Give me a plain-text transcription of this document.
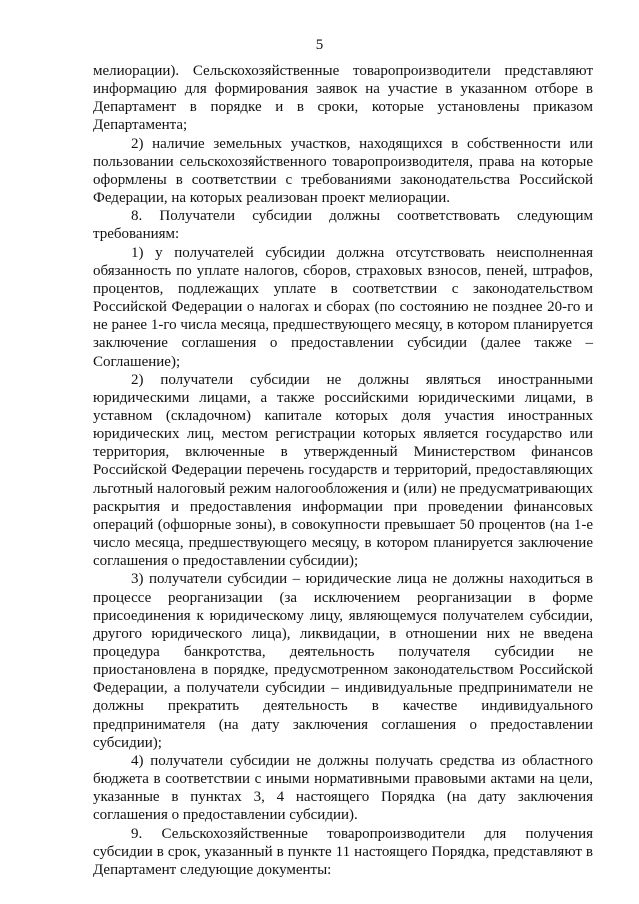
5

мелиорации). Сельскохозяйственные товаропроизводители представляют информацию для формирования заявок на участие в указанном отборе в Департамент в порядке и в сроки, которые установлены приказом Департамента;

2) наличие земельных участков, находящихся в собственности или пользовании сельскохозяйственного товаропроизводителя, права на которые оформлены в соответствии с требованиями законодательства Российской Федерации, на которых реализован проект мелиорации.

8. Получатели субсидии должны соответствовать следующим требованиям:

1) у получателей субсидии должна отсутствовать неисполненная обязанность по уплате налогов, сборов, страховых взносов, пеней, штрафов, процентов, подлежащих уплате в соответствии с законодательством Российской Федерации о налогах и сборах (по состоянию не позднее 20-го и не ранее 1-го числа месяца, предшествующего месяцу, в котором планируется заключение соглашения о предоставлении субсидии (далее также – Соглашение);

2) получатели субсидии не должны являться иностранными юридическими лицами, а также российскими юридическими лицами, в уставном (складочном) капитале которых доля участия иностранных юридических лиц, местом регистрации которых является государство или территория, включенные в утвержденный Министерством финансов Российской Федерации перечень государств и территорий, предоставляющих льготный налоговый режим налогообложения и (или) не предусматривающих раскрытия и предоставления информации при проведении финансовых операций (офшорные зоны), в совокупности превышает 50 процентов (на 1-е число месяца, предшествующего месяцу, в котором планируется заключение соглашения о предоставлении субсидии);

3) получатели субсидии – юридические лица не должны находиться в процессе реорганизации (за исключением реорганизации в форме присоединения к юридическому лицу, являющемуся получателем субсидии, другого юридического лица), ликвидации, в отношении них не введена процедура банкротства, деятельность получателя субсидии не приостановлена в порядке, предусмотренном законодательством Российской Федерации, а получатели субсидии – индивидуальные предприниматели не должны прекратить деятельность в качестве индивидуального предпринимателя (на дату заключения соглашения о предоставлении субсидии);

4) получатели субсидии не должны получать средства из областного бюджета в соответствии с иными нормативными правовыми актами на цели, указанные в пунктах 3, 4 настоящего Порядка (на дату заключения соглашения о предоставлении субсидии).

9. Сельскохозяйственные товаропроизводители для получения субсидии в срок, указанный в пункте 11 настоящего Порядка, представляют в Департамент следующие документы:
